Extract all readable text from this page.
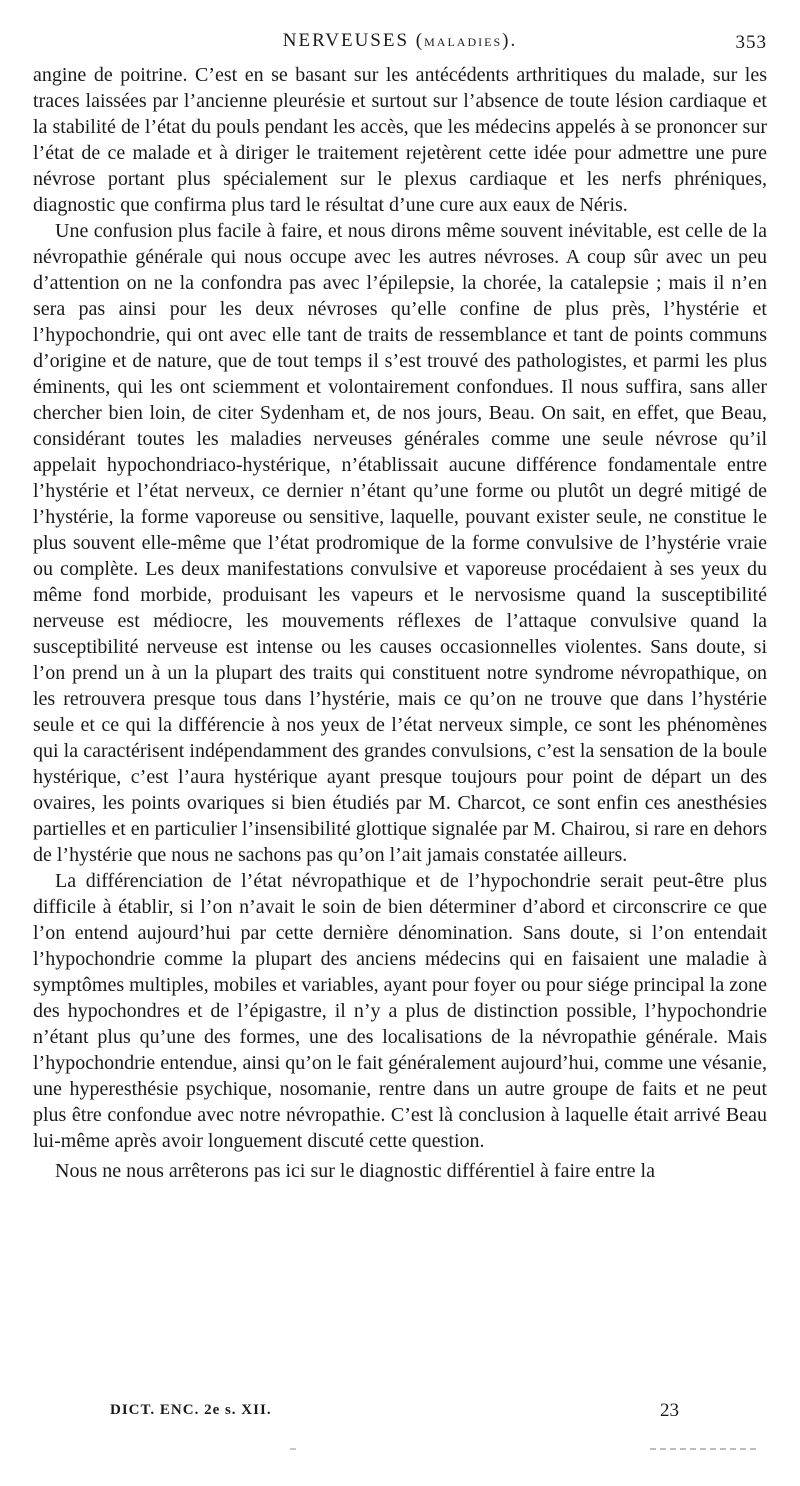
NERVEUSES (MALADIES).	353

angine de poitrine. C’est en se basant sur les antécédents arthritiques du malade, sur les traces laissées par l’ancienne pleurésie et surtout sur l’absence de toute lésion cardiaque et la stabilité de l’état du pouls pendant les accès, que les médecins appelés à se prononcer sur l’état de ce malade et à diriger le traitement rejetèrent cette idée pour admettre une pure névrose portant plus spécialement sur le plexus cardiaque et les nerfs phréniques, diagnostic que confirma plus tard le résultat d’une cure aux eaux de Néris.

Une confusion plus facile à faire, et nous dirons même souvent inévitable, est celle de la névropathie générale qui nous occupe avec les autres névroses. A coup sûr avec un peu d’attention on ne la confondra pas avec l’épilepsie, la chorée, la catalepsie ; mais il n’en sera pas ainsi pour les deux névroses qu’elle confine de plus près, l’hystérie et l’hypochondrie, qui ont avec elle tant de traits de ressemblance et tant de points communs d’origine et de nature, que de tout temps il s’est trouvé des pathologistes, et parmi les plus éminents, qui les ont sciemment et volontairement confondues. Il nous suffira, sans aller chercher bien loin, de citer Sydenham et, de nos jours, Beau. On sait, en effet, que Beau, considérant toutes les maladies nerveuses générales comme une seule névrose qu’il appelait hypochondriaco-hystérique, n’établissait aucune différence fondamentale entre l’hystérie et l’état nerveux, ce dernier n’étant qu’une forme ou plutôt un degré mitigé de l’hystérie, la forme vaporeuse ou sensitive, laquelle, pouvant exister seule, ne constitue le plus souvent elle-même que l’état prodromique de la forme convulsive de l’hystérie vraie ou complète. Les deux manifestations convulsive et vaporeuse procédaient à ses yeux du même fond morbide, produisant les vapeurs et le nervosisme quand la susceptibilité nerveuse est médiocre, les mouvements réflexes de l’attaque convulsive quand la susceptibilité nerveuse est intense ou les causes occasionnelles violentes. Sans doute, si l’on prend un à un la plupart des traits qui constituent notre syndrome névropathique, on les retrouvera presque tous dans l’hystérie, mais ce qu’on ne trouve que dans l’hystérie seule et ce qui la différencie à nos yeux de l’état nerveux simple, ce sont les phénomènes qui la caractérisent indépendamment des grandes convulsions, c’est la sensation de la boule hystérique, c’est l’aura hystérique ayant presque toujours pour point de départ un des ovaires, les points ovariques si bien étudiés par M. Charcot, ce sont enfin ces anesthésies partielles et en particulier l’insensibilité glottique signalée par M. Chairou, si rare en dehors de l’hystérie que nous ne sachons pas qu’on l’ait jamais constatée ailleurs.

La différenciation de l’état névropathique et de l’hypochondrie serait peut-être plus difficile à établir, si l’on n’avait le soin de bien déterminer d’abord et circonscrire ce que l’on entend aujourd’hui par cette dernière dénomination. Sans doute, si l’on entendait l’hypochondrie comme la plupart des anciens médecins qui en faisaient une maladie à symptômes multiples, mobiles et variables, ayant pour foyer ou pour siége principal la zone des hypochondres et de l’épigastre, il n’y a plus de distinction possible, l’hypochondrie n’étant plus qu’une des formes, une des localisations de la névropathie générale. Mais l’hypochondrie entendue, ainsi qu’on le fait généralement aujourd’hui, comme une vésanie, une hyperesthésie psychique, nosomanie, rentre dans un autre groupe de faits et ne peut plus être confondue avec notre névropathie. C’est là conclusion à laquelle était arrivé Beau lui-même après avoir longuement discuté cette question.

Nous ne nous arrêterons pas ici sur le diagnostic différentiel à faire entre la

DICT. ENC. 2e s. XII.	23
